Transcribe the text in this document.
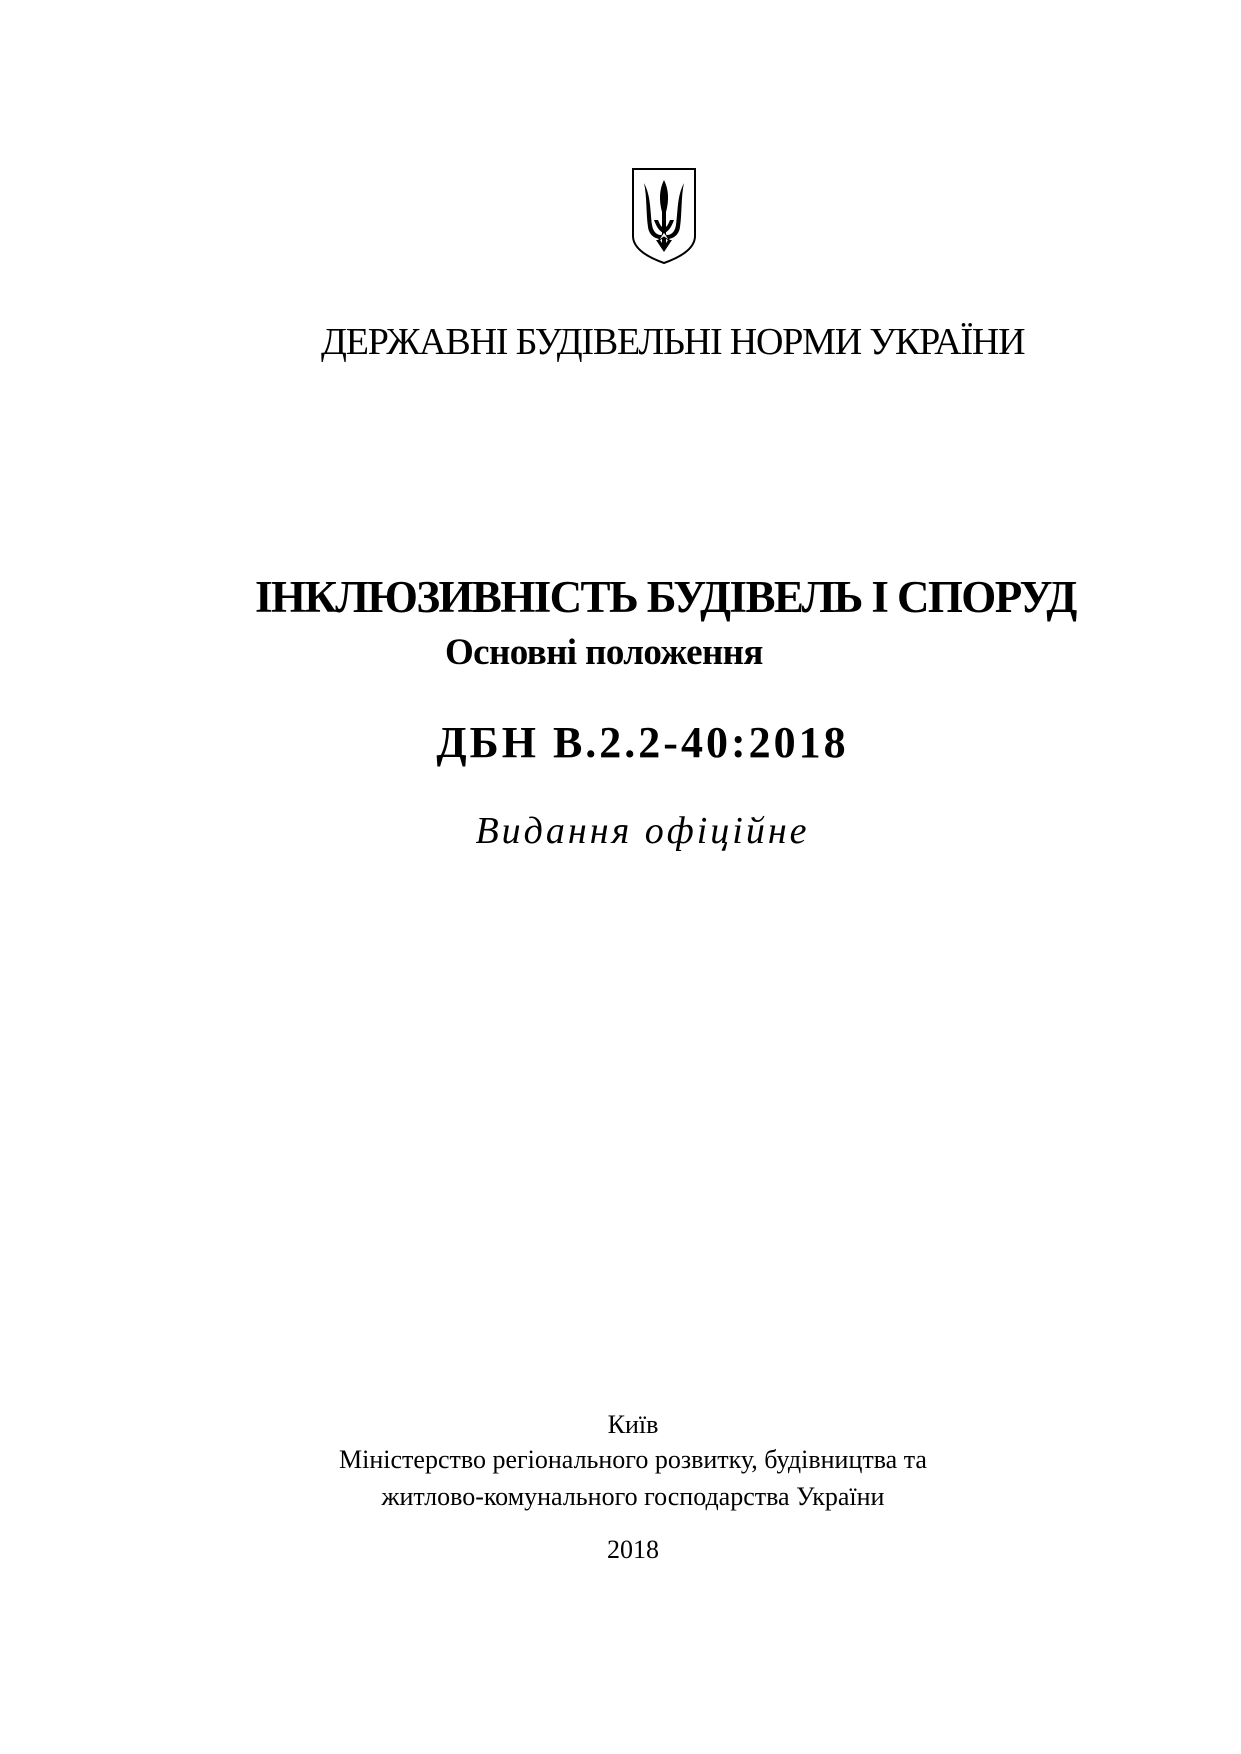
ДЕРЖАВНІ БУДІВЕЛЬНІ НОРМИ УКРАЇНИ
ІНКЛЮЗИВНІСТЬ БУДІВЕЛЬ І СПОРУД
Основні положення
ДБН В.2.2-40:2018
Видання офіційне
Київ
Міністерство регіонального розвитку, будівництва та
житлово-комунального господарства України
2018
